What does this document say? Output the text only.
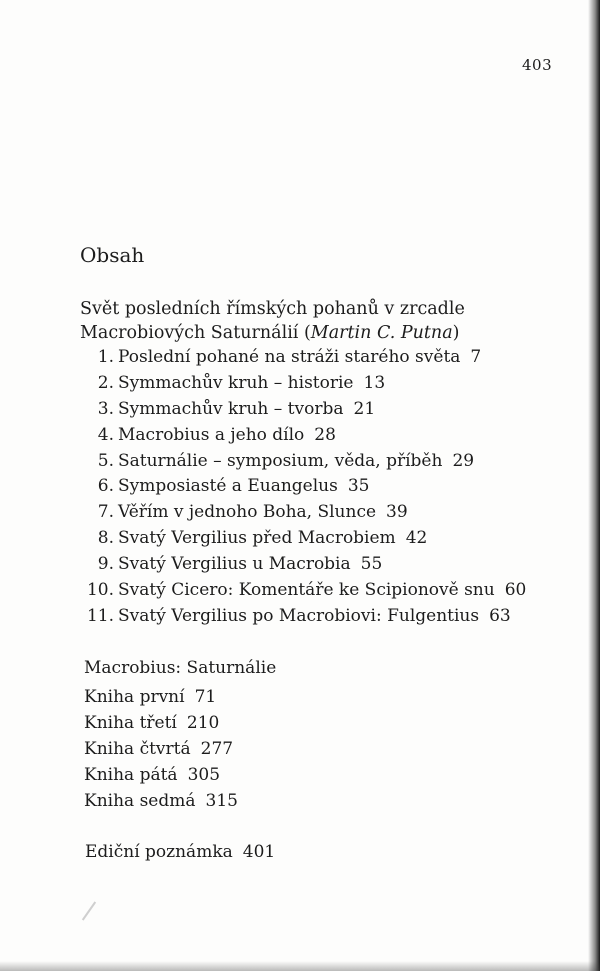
403
Obsah
Svět posledních římských pohanů v zrcadle
Macrobiových Saturnálií (Martin C. Putna)
1. Poslední pohané na stráži starého světa 7
2. Symmachův kruh – historie 13
3. Symmachův kruh – tvorba 21
4. Macrobius a jeho dílo 28
5. Saturnálie – symposium, věda, příběh 29
6. Symposiasté a Euangelus 35
7. Věřím v jednoho Boha, Slunce 39
8. Svatý Vergilius před Macrobiem 42
9. Svatý Vergilius u Macrobia 55
10. Svatý Cicero: Komentáře ke Scipionově snu 60
11. Svatý Vergilius po Macrobiovi: Fulgentius 63
Macrobius: Saturnálie
Kniha první 71
Kniha třetí 210
Kniha čtvrtá 277
Kniha pátá 305
Kniha sedmá 315
Ediční poznámka 401
